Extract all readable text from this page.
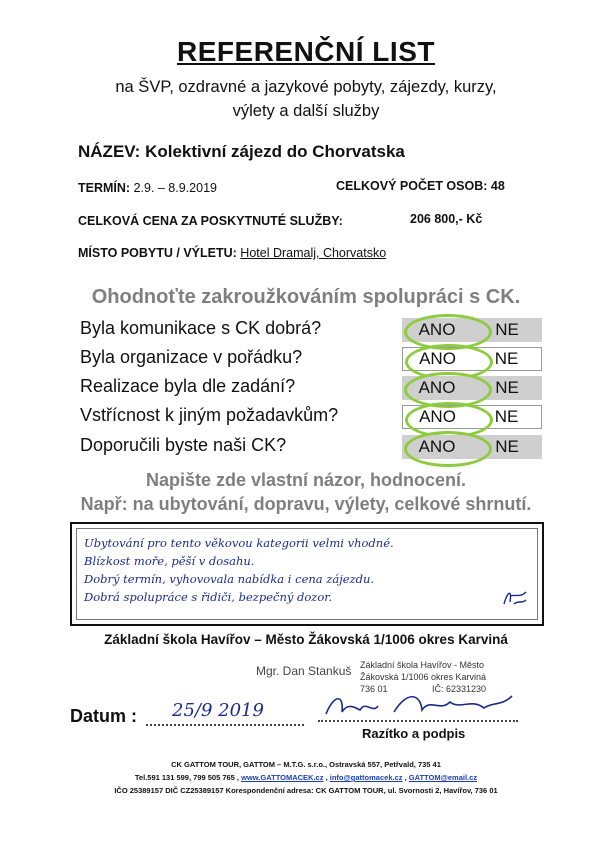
REFERENČNÍ LIST
na ŠVP, ozdravné a jazykové pobyty, zájezdy, kurzy,
výlety a další služby
NÁZEV: Kolektivní zájezd do Chorvatska
TERMÍN: 2.9. – 8.9.2019	CELKOVÝ POČET OSOB: 48
CELKOVÁ CENA ZA POSKYTNUTÉ SLUŽBY:	206 800,- Kč
MÍSTO POBYTU / VÝLETU: Hotel Dramalj, Chorvatsko
Ohodnoťte zakroužkováním spolupráci s CK.
Byla komunikace s CK dobrá?	ANO	NE
Byla organizace v pořádku?	ANO	NE
Realizace byla dle zadání?	ANO	NE
Vstřícnost k jiným požadavkům?	ANO	NE
Doporučili byste naši CK?	ANO	NE
Napište zde vlastní názor, hodnocení.
Např: na ubytování, dopravu, výlety, celkové shrnutí.
Ubytování pro tento věkovou kategorii velmi vhodné.
Blízkost moře, pěší v dosahu.
Dobrý termín, vyhovovala nabídka i cena zájezdu.
Dobrá spolupráce s řidiči, bezpečný dozor.
Základní škola Havířov – Město Žákovská 1/1006 okres Karviná
Mgr. Dan Stankuš Základní škola Havířov - Město
Žákovská 1/1006 okres Karviná
736 01	IČ: 62331230
Datum : 25/9 2019
Razítko a podpis
CK GATTOM TOUR, GATTOM – M.T.G. s.r.o., Ostravská 557, Petřvald, 735 41
Tel.591 131 599, 799 505 765 , www.GATTOMACEK.cz , info@gattomacek.cz , GATTOM@email.cz
IČO 25389157 DIČ CZ25389157 Korespondenční adresa: CK GATTOM TOUR, ul. Svornosti 2, Havířov, 736 01
